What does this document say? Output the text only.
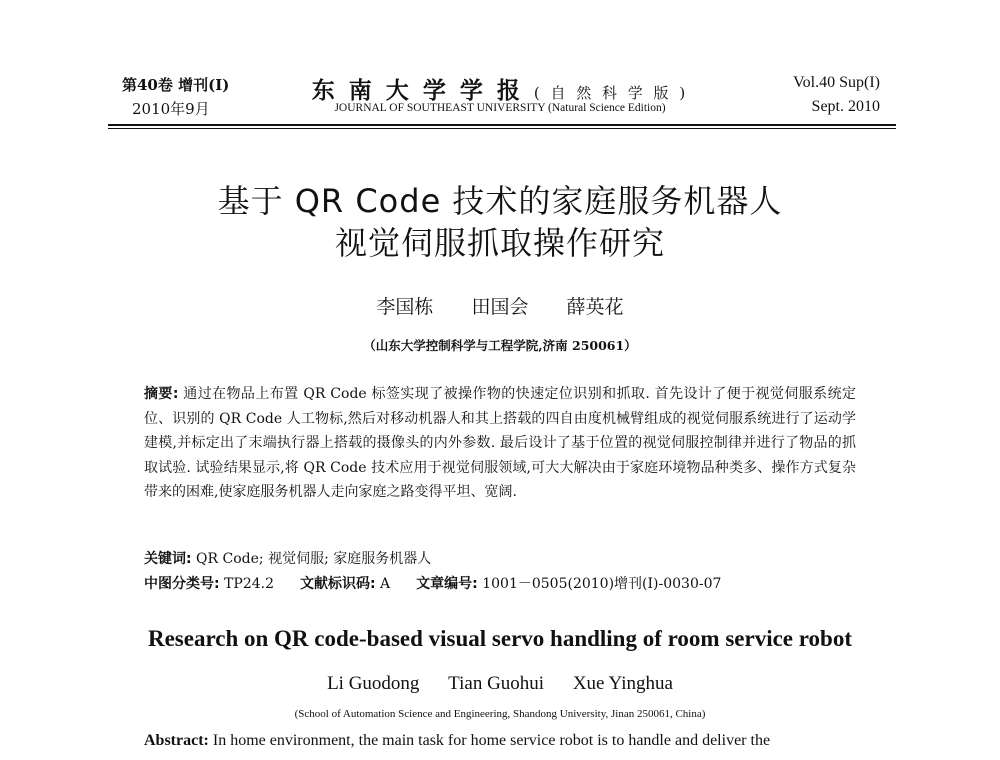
第40卷 增刊(I)
2010年9月
东 南 大 学 学 报 ( 自 然 科 学 版 )
JOURNAL OF SOUTHEAST UNIVERSITY (Natural Science Edition)
Vol.40 Sup(I)
Sept. 2010
基于 QR Code 技术的家庭服务机器人
视觉伺服抓取操作研究
李国栋 田国会 薛英花
（山东大学控制科学与工程学院,济南 250061）
摘要: 通过在物品上布置 QR Code 标签实现了被操作物的快速定位识别和抓取. 首先设计了便于视觉伺服系统定位、识别的 QR Code 人工物标,然后对移动机器人和其上搭载的四自由度机械臂组成的视觉伺服系统进行了运动学建模,并标定出了末端执行器上搭载的摄像头的内外参数. 最后设计了基于位置的视觉伺服控制律并进行了物品的抓取试验. 试验结果显示,将 QR Code 技术应用于视觉伺服领域,可大大解决由于家庭环境物品种类多、操作方式复杂带来的困难,使家庭服务机器人走向家庭之路变得平坦、宽阔.
关键词: QR Code; 视觉伺服; 家庭服务机器人
中图分类号: TP24.2 文献标识码: A 文章编号: 1001－0505(2010)增刊(I)-0030-07
Research on QR code-based visual servo handling of room service robot
Li Guodong Tian Guohui Xue Yinghua
(School of Automation Science and Engineering, Shandong University, Jinan 250061, China)
Abstract: In home environment, the main task for home service robot is to handle and deliver the
